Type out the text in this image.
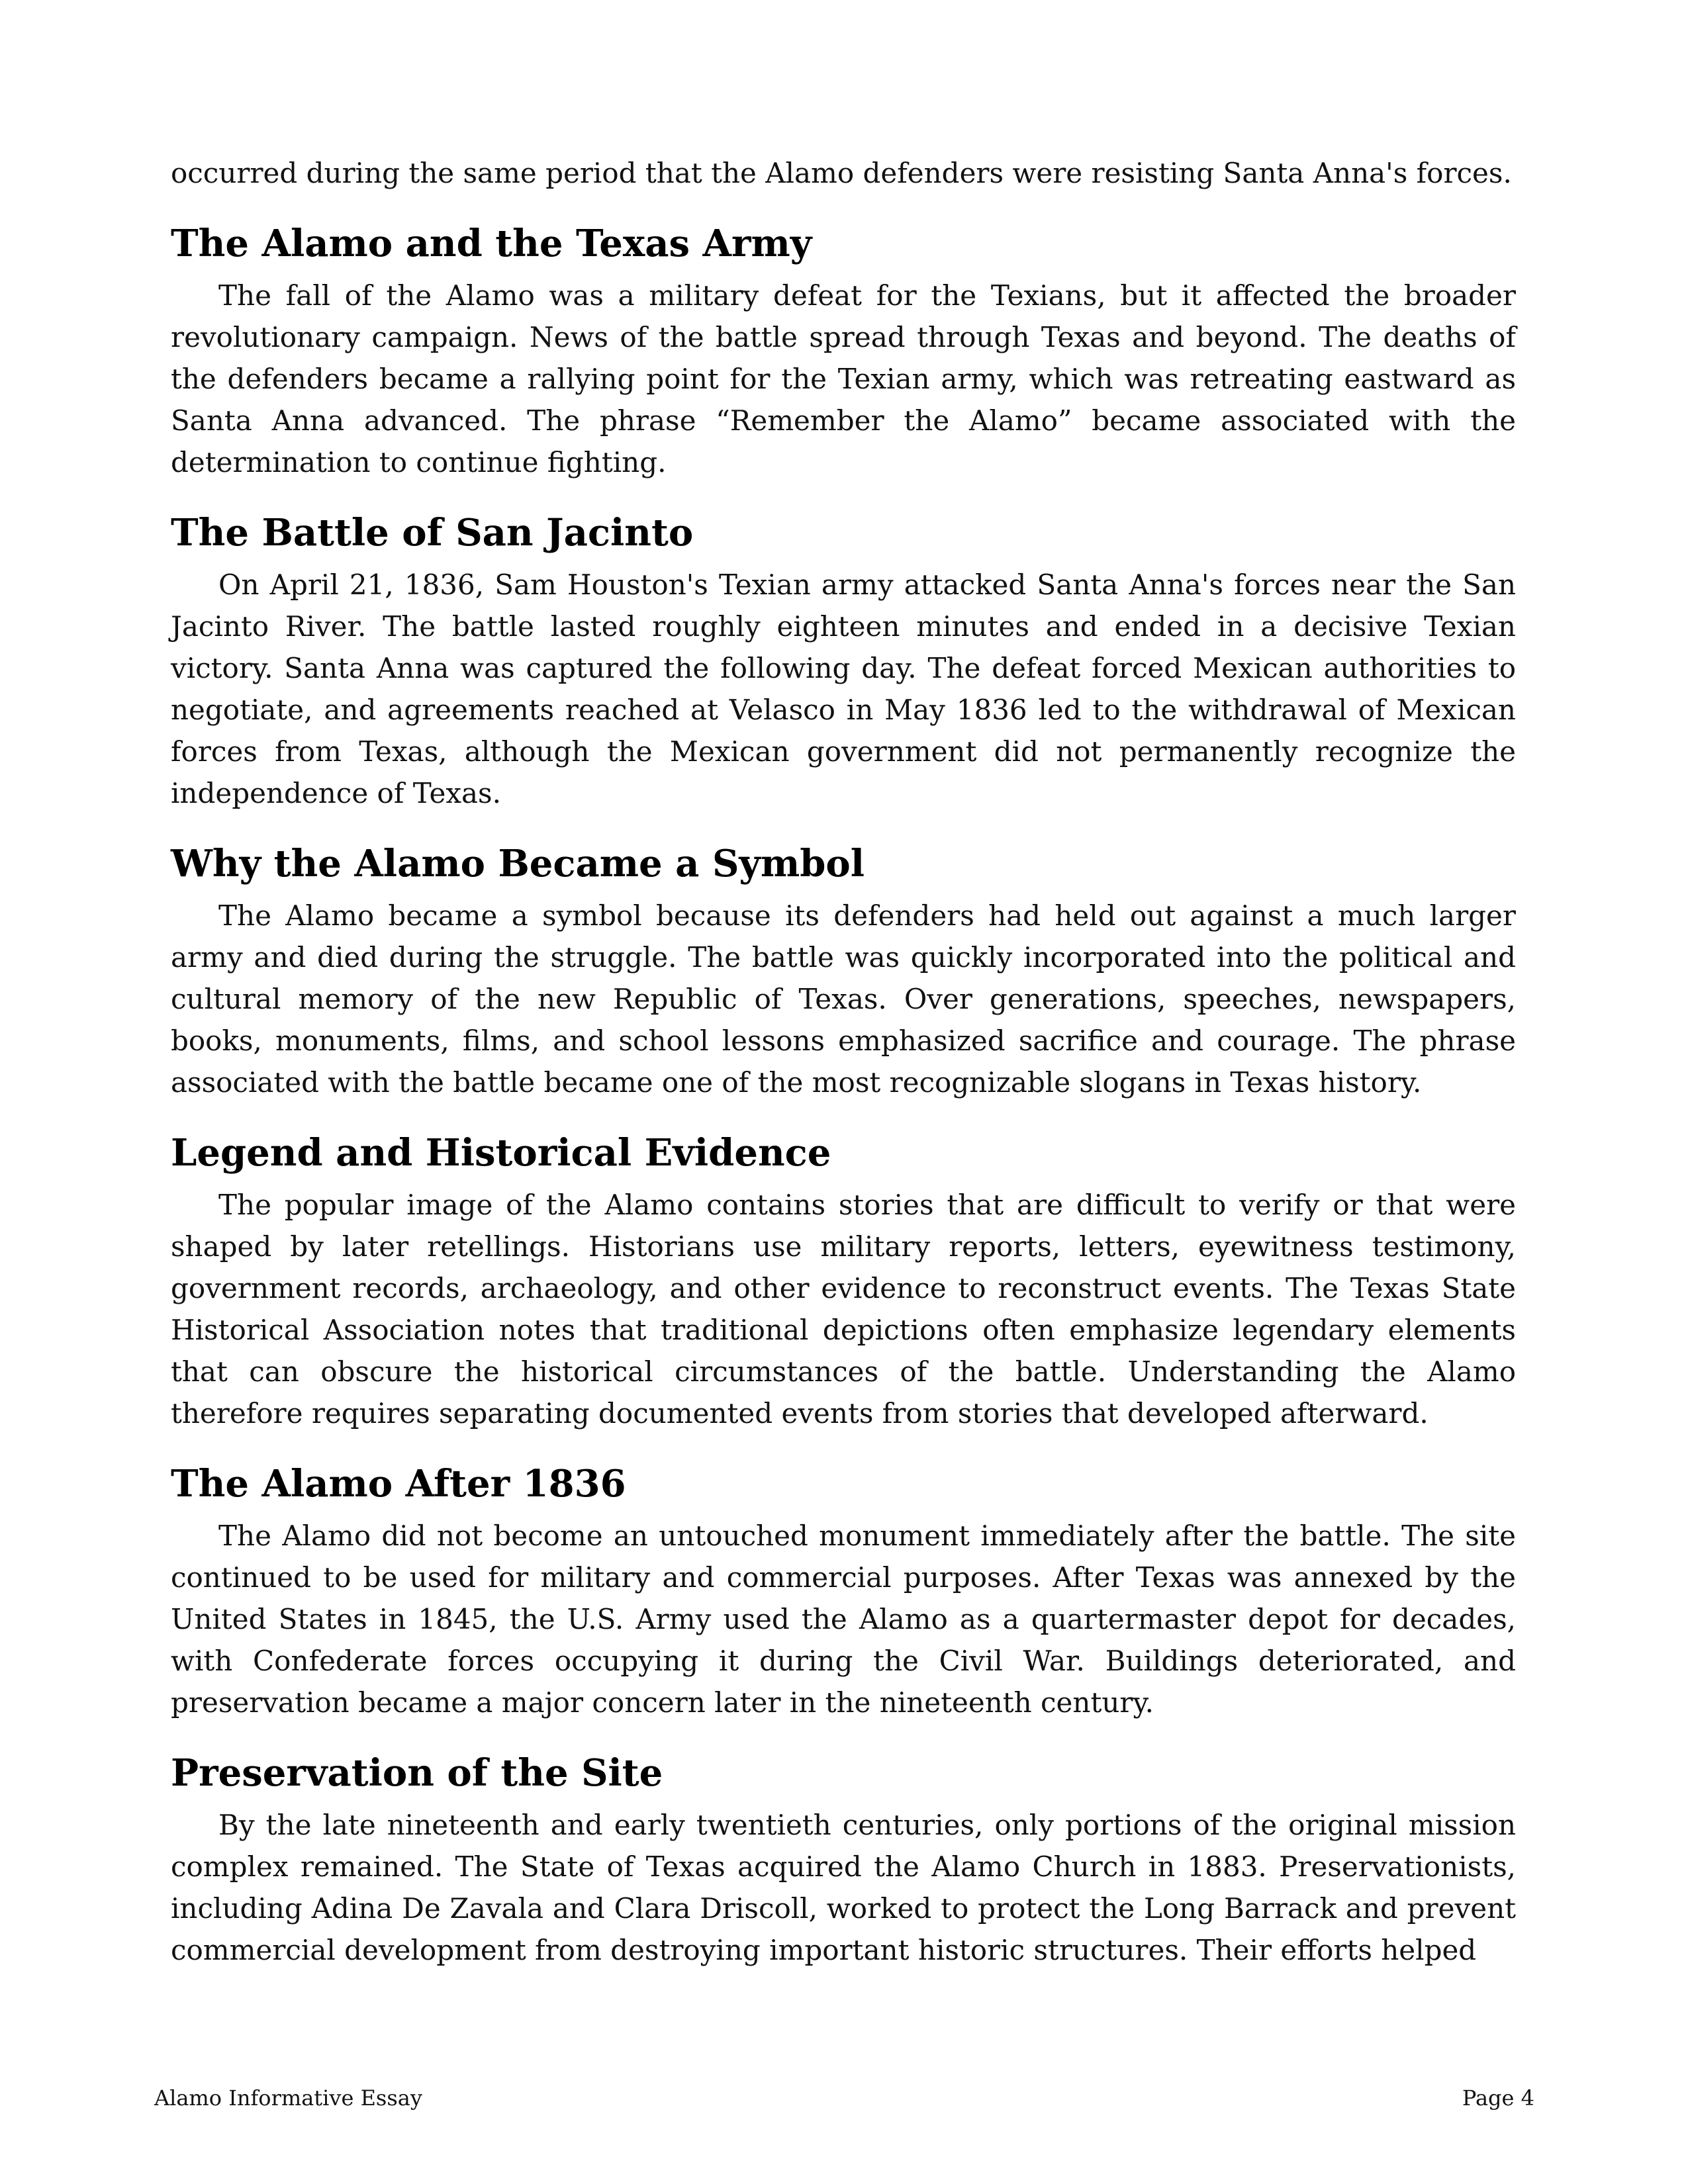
occurred during the same period that the Alamo defenders were resisting Santa Anna's forces.
The Alamo and the Texas Army

The fall of the Alamo was a military defeat for the Texians, but it affected the broader revolutionary campaign. News of the battle spread through Texas and beyond. The deaths of the defenders became a rallying point for the Texian army, which was retreating eastward as Santa Anna advanced. The phrase “Remember the Alamo” became associated with the determination to continue fighting.

The Battle of San Jacinto

On April 21, 1836, Sam Houston's Texian army attacked Santa Anna's forces near the San Jacinto River. The battle lasted roughly eighteen minutes and ended in a decisive Texian victory. Santa Anna was captured the following day. The defeat forced Mexican authorities to negotiate, and agreements reached at Velasco in May 1836 led to the withdrawal of Mexican forces from Texas, although the Mexican government did not permanently recognize the independence of Texas.

Why the Alamo Became a Symbol

The Alamo became a symbol because its defenders had held out against a much larger army and died during the struggle. The battle was quickly incorporated into the political and cultural memory of the new Republic of Texas. Over generations, speeches, newspapers, books, monuments, films, and school lessons emphasized sacrifice and courage. The phrase associated with the battle became one of the most recognizable slogans in Texas history.

Legend and Historical Evidence

The popular image of the Alamo contains stories that are difficult to verify or that were shaped by later retellings. Historians use military reports, letters, eyewitness testimony, government records, archaeology, and other evidence to reconstruct events. The Texas State Historical Association notes that traditional depictions often emphasize legendary elements that can obscure the historical circumstances of the battle. Understanding the Alamo therefore requires separating documented events from stories that developed afterward.

The Alamo After 1836

The Alamo did not become an untouched monument immediately after the battle. The site continued to be used for military and commercial purposes. After Texas was annexed by the United States in 1845, the U.S. Army used the Alamo as a quartermaster depot for decades, with Confederate forces occupying it during the Civil War. Buildings deteriorated, and preservation became a major concern later in the nineteenth century.

Preservation of the Site

By the late nineteenth and early twentieth centuries, only portions of the original mission complex remained. The State of Texas acquired the Alamo Church in 1883. Preservationists, including Adina De Zavala and Clara Driscoll, worked to protect the Long Barrack and prevent commercial development from destroying important historic structures. Their efforts helped

Alamo Informative Essay	Page 4
